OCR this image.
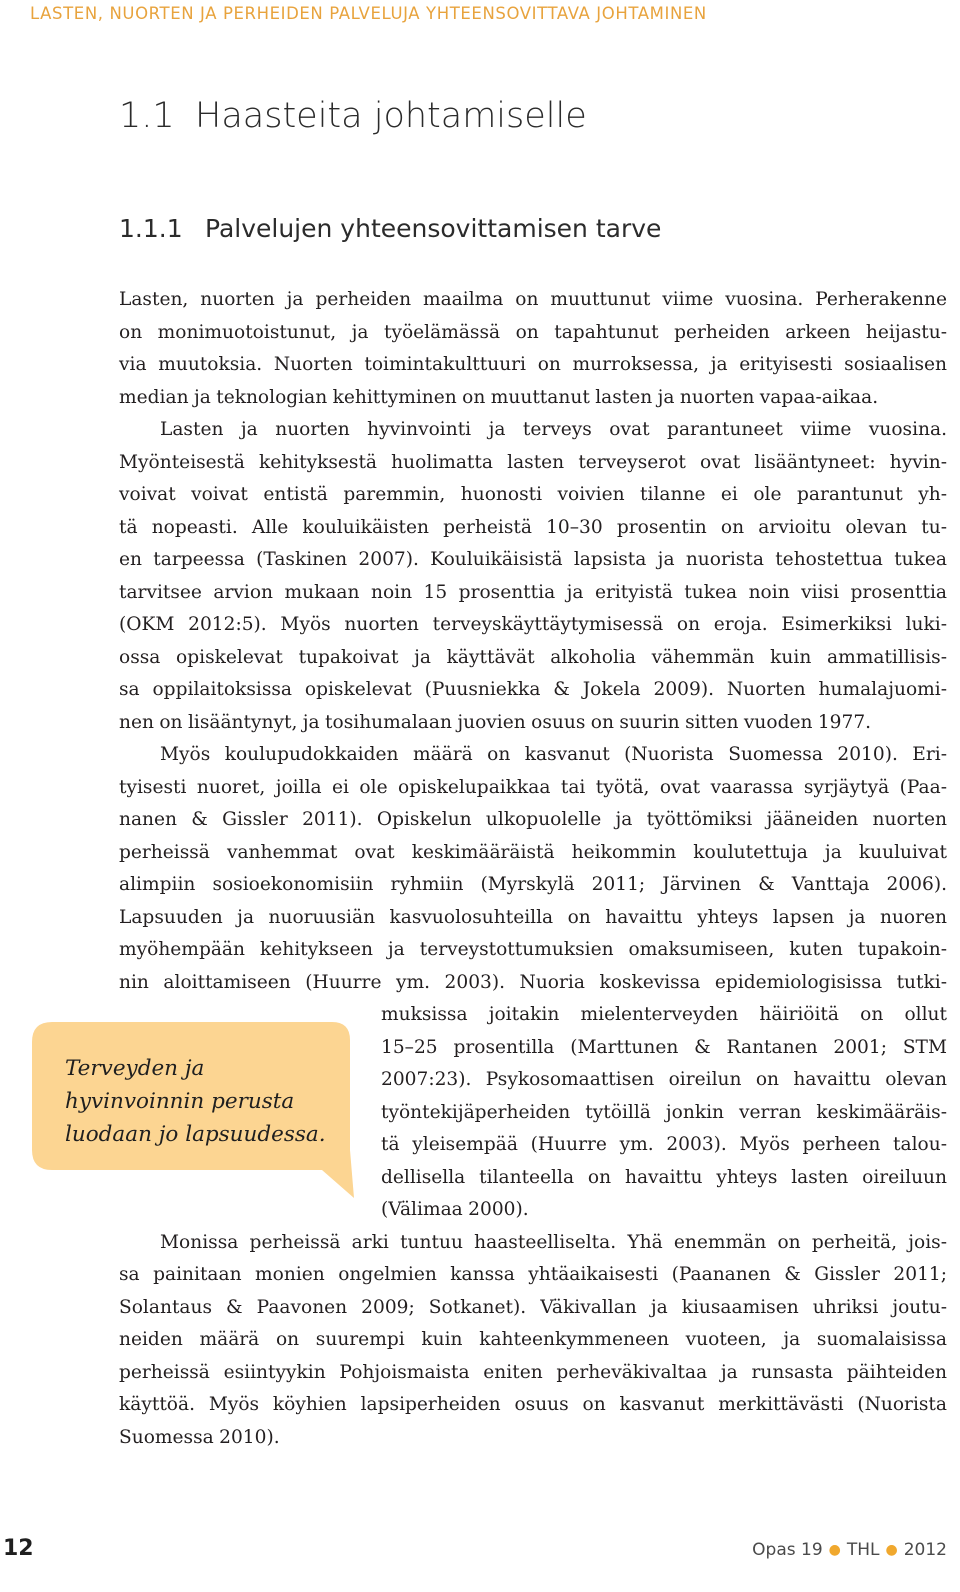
LASTEN, NUORTEN JA PERHEIDEN PALVELUJA YHTEENSOVITTAVA JOHTAMINEN
1.1 Haasteita johtamiselle
1.1.1 Palvelujen yhteensovittamisen tarve
Lasten, nuorten ja perheiden maailma on muuttunut viime vuosina. Perherakenne
on monimuotoistunut, ja työelämässä on tapahtunut perheiden arkeen heijastu-
via muutoksia. Nuorten toimintakulttuuri on murroksessa, ja erityisesti sosiaalisen
median ja teknologian kehittyminen on muuttanut lasten ja nuorten vapaa-aikaa.
Lasten ja nuorten hyvinvointi ja terveys ovat parantuneet viime vuosina.
Myönteisestä kehityksestä huolimatta lasten terveyserot ovat lisääntyneet: hyvin-
voivat voivat entistä paremmin, huonosti voivien tilanne ei ole parantunut yh-
tä nopeasti. Alle kouluikäisten perheistä 10–30 prosentin on arvioitu olevan tu-
en tarpeessa (Taskinen 2007). Kouluikäisistä lapsista ja nuorista tehostettua tukea
tarvitsee arvion mukaan noin 15 prosenttia ja erityistä tukea noin viisi prosenttia
(OKM 2012:5). Myös nuorten terveyskäyttäytymisessä on eroja. Esimerkiksi luki-
ossa opiskelevat tupakoivat ja käyttävät alkoholia vähemmän kuin ammatillisis-
sa oppilaitoksissa opiskelevat (Puusniekka & Jokela 2009). Nuorten humalajuomi-
nen on lisääntynyt, ja tosihumalaan juovien osuus on suurin sitten vuoden 1977.
Myös koulupudokkaiden määrä on kasvanut (Nuorista Suomessa 2010). Eri-
tyisesti nuoret, joilla ei ole opiskelupaikkaa tai työtä, ovat vaarassa syrjäytyä (Paa-
nanen & Gissler 2011). Opiskelun ulkopuolelle ja työttömiksi jääneiden nuorten
perheissä vanhemmat ovat keskimääräistä heikommin koulutettuja ja kuuluivat
alimpiin sosioekonomisiin ryhmiin (Myrskylä 2011; Järvinen & Vanttaja 2006).
Lapsuuden ja nuoruusiän kasvuolosuhteilla on havaittu yhteys lapsen ja nuoren
myöhempään kehitykseen ja terveystottumuksien omaksumiseen, kuten tupakoin-
nin aloittamiseen (Huurre ym. 2003). Nuoria koskevissa epidemiologisissa tutki-
muksissa joitakin mielenterveyden häiriöitä on ollut
15–25 prosentilla (Marttunen & Rantanen 2001; STM
2007:23). Psykosomaattisen oireilun on havaittu olevan
työntekijäperheiden tytöillä jonkin verran keskimääräis-
tä yleisempää (Huurre ym. 2003). Myös perheen talou-
dellisella tilanteella on havaittu yhteys lasten oireiluun
(Välimaa 2000).
Monissa perheissä arki tuntuu haasteelliselta. Yhä enemmän on perheitä, jois-
sa painitaan monien ongelmien kanssa yhtäaikaisesti (Paananen & Gissler 2011;
Solantaus & Paavonen 2009; Sotkanet). Väkivallan ja kiusaamisen uhriksi joutu-
neiden määrä on suurempi kuin kahteenkymmeneen vuoteen, ja suomalaisissa
perheissä esiintyykin Pohjoismaista eniten perheväkivaltaa ja runsasta päihteiden
käyttöä. Myös köyhien lapsiperheiden osuus on kasvanut merkittävästi (Nuorista
Suomessa 2010).
Terveyden ja
hyvinvoinnin perusta
luodaan jo lapsuudessa.
12	Opas 19 ● THL ● 2012
